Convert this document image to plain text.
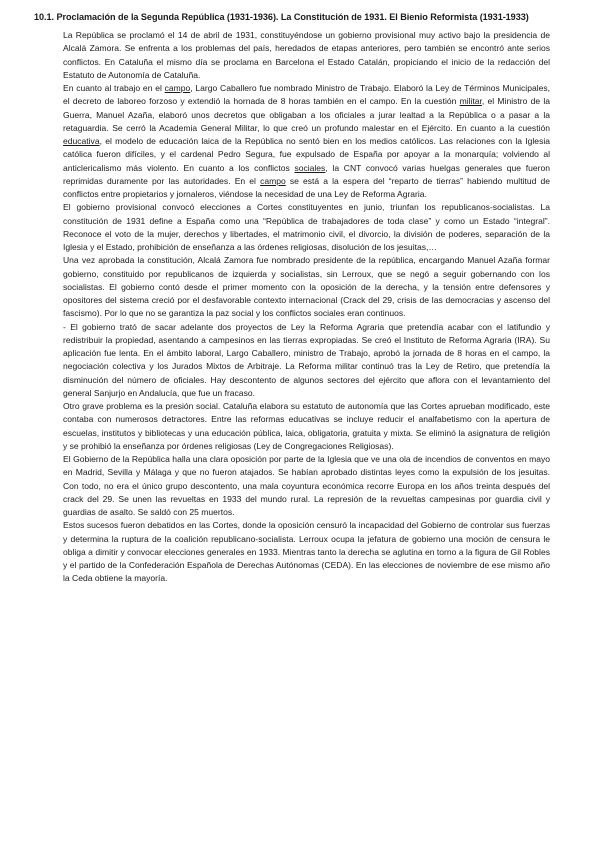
10.1. Proclamación de la Segunda República (1931-1936). La Constitución de 1931. El Bienio Reformista (1931-1933)

La República se proclamó el 14 de abril de 1931, constituyéndose un gobierno provisional muy activo bajo la presidencia de Alcalá Zamora. Se enfrenta a los problemas del país, heredados de etapas anteriores, pero también se encontró ante serios conflictos. En Cataluña el mismo día se proclama en Barcelona el Estado Catalán, propiciando el inicio de la redacción del Estatuto de Autonomía de Cataluña.

En cuanto al trabajo en el campo, Largo Caballero fue nombrado Ministro de Trabajo. Elaboró la Ley de Términos Municipales, el decreto de laboreo forzoso y extendió la hornada de 8 horas también en el campo. En la cuestión militar, el Ministro de la Guerra, Manuel Azaña, elaboró unos decretos que obligaban a los oficiales a jurar lealtad a la República o a pasar a la retaguardia. Se cerró la Academia General Militar, lo que creó un profundo malestar en el Ejército. En cuanto a la cuestión educativa, el modelo de educación laica de la República no sentó bien en los medios católicos. Las relaciones con la Iglesia católica fueron difíciles, y el cardenal Pedro Segura, fue expulsado de España por apoyar a la monarquía; volviendo al anticlericalismo más violento. En cuanto a los conflictos sociales, la CNT convocó varias huelgas generales que fueron reprimidas duramente por las autoridades. En el campo se está a la espera del “reparto de tierras” habiendo multitud de conflictos entre propietarios y jornaleros, viéndose la necesidad de una Ley de Reforma Agraria.

El gobierno provisional convocó elecciones a Cortes constituyentes en junio, triunfan los republicanos-socialistas. La constitución de 1931 define a España como una “República de trabajadores de toda clase” y como un Estado “integral”. Reconoce el voto de la mujer, derechos y libertades, el matrimonio civil, el divorcio, la división de poderes, separación de la Iglesia y el Estado, prohibición de enseñanza a las órdenes religiosas, disolución de los jesuitas,…

Una vez aprobada la constitución, Alcalá Zamora fue nombrado presidente de la república, encargando Manuel Azaña formar gobierno, constituido por republicanos de izquierda y socialistas, sin Lerroux, que se negó a seguir gobernando con los socialistas. El gobierno contó desde el primer momento con la oposición de la derecha, y la tensión entre defensores y opositores del sistema creció por el desfavorable contexto internacional (Crack del 29, crisis de las democracias y ascenso del fascismo). Por lo que no se garantiza la paz social y los conflictos sociales eran continuos.

- El gobierno trató de sacar adelante dos proyectos de Ley la Reforma Agraria que pretendía acabar con el latifundio y redistribuir la propiedad, asentando a campesinos en las tierras expropiadas. Se creó el Instituto de Reforma Agraria (IRA). Su aplicación fue lenta. En el ámbito laboral, Largo Caballero, ministro de Trabajo, aprobó la jornada de 8 horas en el campo, la negociación colectiva y los Jurados Mixtos de Arbitraje. La Reforma militar continuó tras la Ley de Retiro, que pretendía la disminución del número de oficiales. Hay descontento de algunos sectores del ejército que aflora con el levantamiento del general Sanjurjo en Andalucía, que fue un fracaso.

Otro grave problema es la presión social. Cataluña elabora su estatuto de autonomía que las Cortes aprueban modificado, este contaba con numerosos detractores. Entre las reformas educativas se incluye reducir el analfabetismo con la apertura de escuelas, institutos y bibliotecas y una educación pública, laica, obligatoria, gratuita y mixta. Se eliminó la asignatura de religión y se prohibió la enseñanza por órdenes religiosas (Ley de Congregaciones Religiosas).

El Gobierno de la República halla una clara oposición por parte de la Iglesia que ve una ola de incendios de conventos en mayo en Madrid, Sevilla y Málaga y que no fueron atajados. Se habían aprobado distintas leyes como la expulsión de los jesuitas. Con todo, no era el único grupo descontento, una mala coyuntura económica recorre Europa en los años treinta después del crack del 29. Se unen las revueltas en 1933 del mundo rural. La represión de la revueltas campesinas por guardia civil y guardias de asalto. Se saldó con 25 muertos.

Estos sucesos fueron debatidos en las Cortes, donde la oposición censuró la incapacidad del Gobierno de controlar sus fuerzas y determina la ruptura de la coalición republicano-socialista. Lerroux ocupa la jefatura de gobierno una moción de censura le obliga a dimitir y convocar elecciones generales en 1933. Mientras tanto la derecha se aglutina en torno a la figura de Gil Robles y el partido de la Confederación Española de Derechas Autónomas (CEDA). En las elecciones de noviembre de ese mismo año la Ceda obtiene la mayoría.
